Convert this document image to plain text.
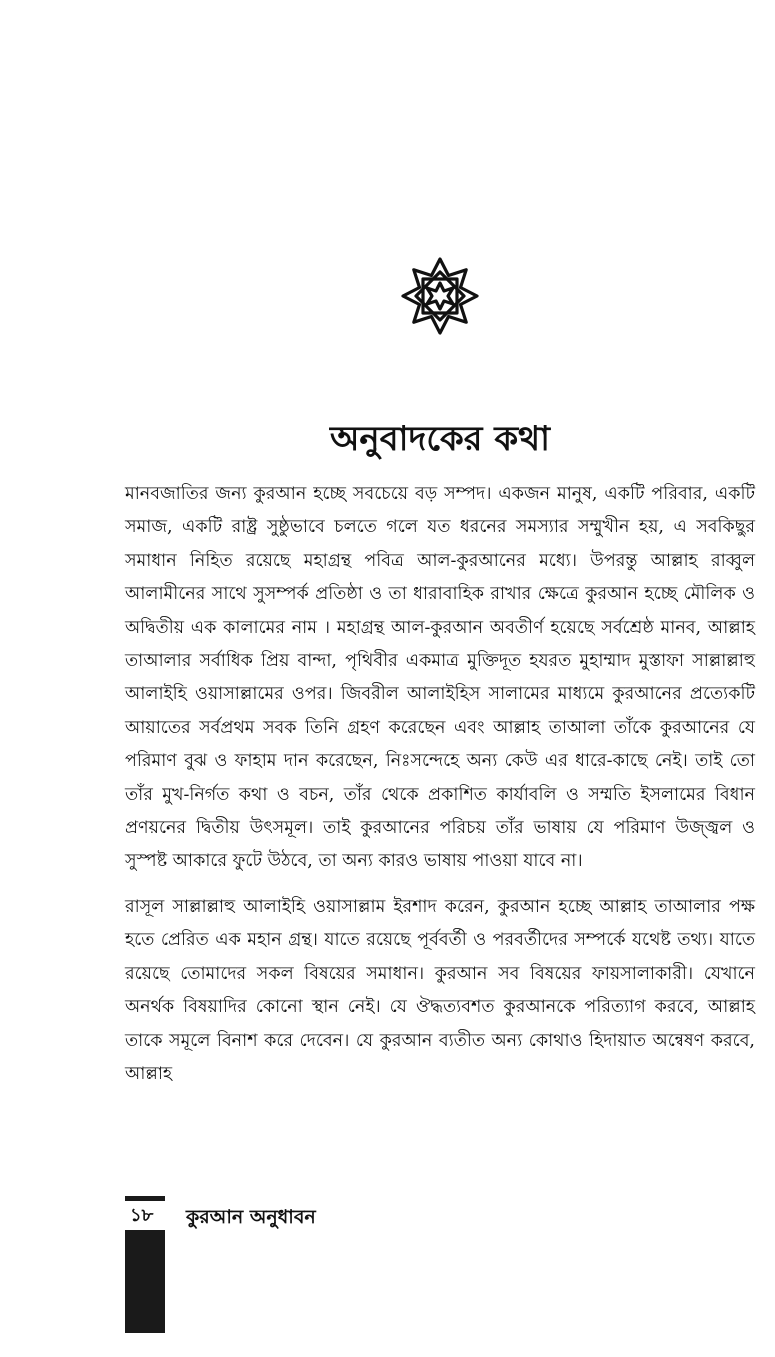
অনুবাদকের কথা

মানবজাতির জন্য কুরআন হচ্ছে সবচেয়ে বড় সম্পদ। একজন মানুষ, একটি পরিবার, একটি সমাজ, একটি রাষ্ট্র সুষ্ঠুভাবে চলতে গলে যত ধরনের সমস্যার সম্মুখীন হয়, এ সবকিছুর সমাধান নিহিত রয়েছে মহাগ্রন্থ পবিত্র আল-কুরআনের মধ্যে। উপরন্তু আল্লাহ রাব্বুল আলামীনের সাথে সুসম্পর্ক প্রতিষ্ঠা ও তা ধারাবাহিক রাখার ক্ষেত্রে কুরআন হচ্ছে মৌলিক ও অদ্বিতীয় এক কালামের নাম । মহাগ্রন্থ আল-কুরআন অবতীর্ণ হয়েছে সর্বশ্রেষ্ঠ মানব, আল্লাহ তাআলার সর্বাধিক প্রিয় বান্দা, পৃথিবীর একমাত্র মুক্তিদূত হযরত মুহাম্মাদ মুস্তাফা সাল্লাল্লাহু আলাইহি ওয়াসাল্লামের ওপর। জিবরীল আলাইহিস সালামের মাধ্যমে কুরআনের প্রত্যেকটি আয়াতের সর্বপ্রথম সবক তিনি গ্রহণ করেছেন এবং আল্লাহ তাআলা তাঁকে কুরআনের যে পরিমাণ বুঝ ও ফাহাম দান করেছেন, নিঃসন্দেহে অন্য কেউ এর ধারে-কাছে নেই। তাই তো তাঁর মুখ-নির্গত কথা ও বচন, তাঁর থেকে প্রকাশিত কার্যাবলি ও সম্মতি ইসলামের বিধান প্রণয়নের দ্বিতীয় উৎসমূল। তাই কুরআনের পরিচয় তাঁর ভাষায় যে পরিমাণ উজ্জ্বল ও সুস্পষ্ট আকারে ফুটে উঠবে, তা অন্য কারও ভাষায় পাওয়া যাবে না।

রাসূল সাল্লাল্লাহু আলাইহি ওয়াসাল্লাম ইরশাদ করেন, কুরআন হচ্ছে আল্লাহ তাআলার পক্ষ হতে প্রেরিত এক মহান গ্রন্থ। যাতে রয়েছে পূর্ববর্তী ও পরবর্তীদের সম্পর্কে যথেষ্ট তথ্য। যাতে রয়েছে তোমাদের সকল বিষয়ের সমাধান। কুরআন সব বিষয়ের ফায়সালাকারী। যেখানে অনর্থক বিষয়াদির কোনো স্থান নেই। যে ঔদ্ধত্যবশত কুরআনকে পরিত্যাগ করবে, আল্লাহ তাকে সমূলে বিনাশ করে দেবেন। যে কুরআন ব্যতীত অন্য কোথাও হিদায়াত অন্বেষণ করবে, আল্লাহ

১৮ কুরআন অনুধাবন
